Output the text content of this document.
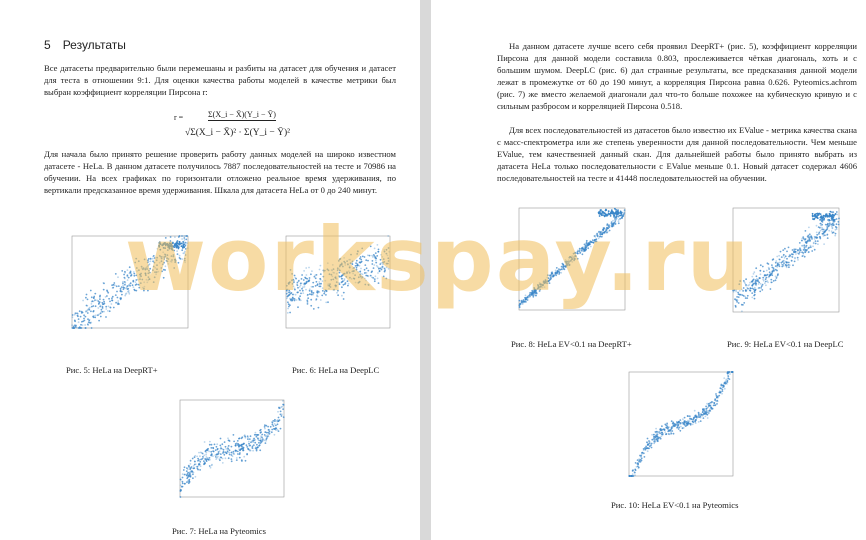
5 Результаты

Все датасеты предварительно были перемешаны и разбиты на датасет для обучения и датасет для теста в отношении 9:1. Для оценки качества работы моделей в качестве метрики был выбран коэффициент корреляции Пирсона r:

r =	Σ(X_i − X̄)(Y_i − Ȳ)
√Σ(X_i − X̄)² · Σ(Y_i − Ȳ)²

Для начала было принято решение проверить работу данных моделей на широко известном датасете - HeLa. В данном датасете получилось 7887 последовательностей на тесте и 70986 на обучении. На всех графиках по горизонтали отложено реальное время удерживания, по вертикали предсказанное время удерживания. Шкала для датасета HeLa от 0 до 240 минут.

Рис. 5: HeLa на DeepRT+	Рис. 6: HeLa на DeepLC

Рис. 7: HeLa на Pyteomics

На данном датасете лучше всего себя проявил DeepRT+ (рис. 5), коэффициент корреляции Пирсона для данной модели составила 0.803, прослеживается чёткая диагональ, хоть и с большим шумом. DeepLC (рис. 6) дал странные результаты, все предсказания данной модели лежат в промежутке от 60 до 190 минут, а корреляция Пирсона равна 0.626. Pyteomics.achrom (рис. 7) же вместо желаемой диагонали дал что-то больше похожее на кубическую кривую и с сильным разбросом и корреляцией Пирсона 0.518.

Для всех последовательностей из датасетов было известно их EValue - метрика качества скана с масс-спектрометра или же степень уверенности для данной последовательности. Чем меньше EValue, тем качественней данный скан. Для дальнейшей работы было принято выбрать из датасета HeLa только последовательности с EValue меньше 0.1. Новый датасет содержал 4606 последовательностей на тесте и 41448 последовательностей на обучении.

Рис. 8: HeLa EV<0.1 на DeepRT+	Рис. 9: HeLa EV<0.1 на DeepLC

Рис. 10: HeLa EV<0.1 на Pyteomics

workspay.ru
